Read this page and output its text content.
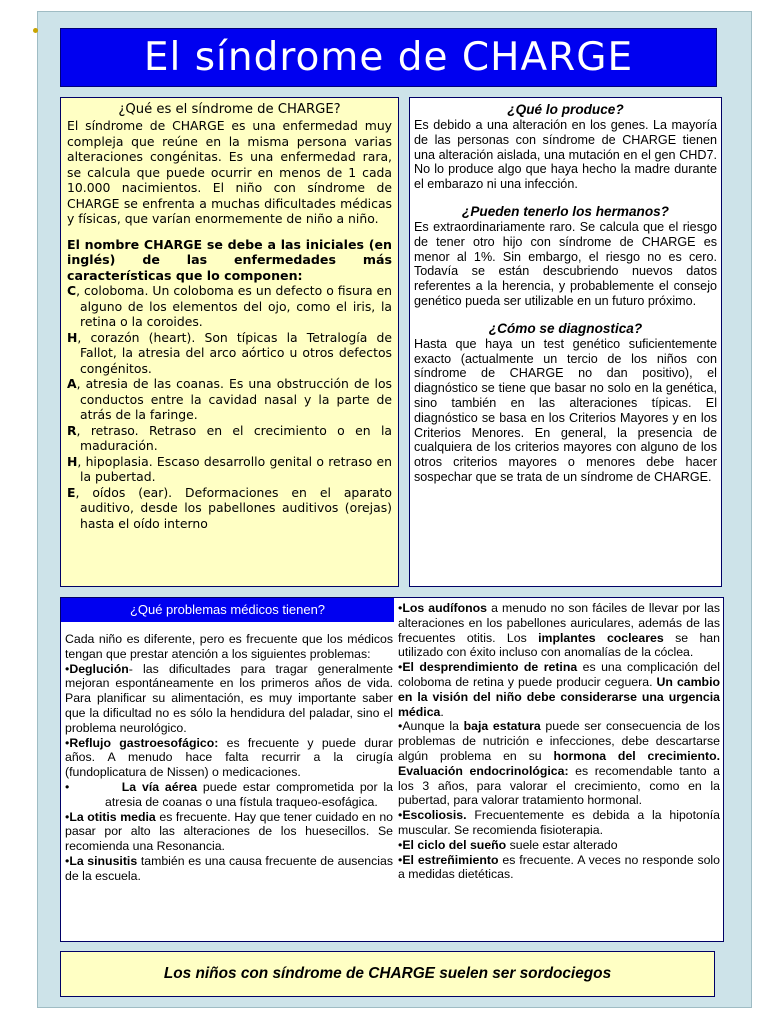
El síndrome de CHARGE

¿Qué es el síndrome de CHARGE?

El síndrome de CHARGE es una enfermedad muy compleja que reúne en la misma persona varias alteraciones congénitas. Es una enfermedad rara, se calcula que puede ocurrir en menos de 1 cada 10.000 nacimientos. El niño con síndrome de CHARGE se enfrenta a muchas dificultades médicas y físicas, que varían enormemente de niño a niño.

El nombre CHARGE se debe a las iniciales (en inglés) de las enfermedades más características que lo componen:

C, coloboma. Un coloboma es un defecto o fisura en alguno de los elementos del ojo, como el iris, la retina o la coroides.

H, corazón (heart). Son típicas la Tetralogía de Fallot, la atresia del arco aórtico u otros defectos congénitos.

A, atresia de las coanas. Es una obstrucción de los conductos entre la cavidad nasal y la parte de atrás de la faringe.

R, retraso. Retraso en el crecimiento o en la maduración.

H, hipoplasia. Escaso desarrollo genital o retraso en la pubertad.

E, oídos (ear). Deformaciones en el aparato auditivo, desde los pabellones auditivos (orejas) hasta el oído interno

¿Qué lo produce?

Es debido a una alteración en los genes. La mayoría de las personas con síndrome de CHARGE tienen una alteración aislada, una mutación en el gen CHD7. No lo produce algo que haya hecho la madre durante el embarazo ni una infección.

¿Pueden tenerlo los hermanos?

Es extraordinariamente raro. Se calcula que el riesgo de tener otro hijo con síndrome de CHARGE es menor al 1%. Sin embargo, el riesgo no es cero. Todavía se están descubriendo nuevos datos referentes a la herencia, y probablemente el consejo genético pueda ser utilizable en un futuro próximo.

¿Cómo se diagnostica?

Hasta que haya un test genético suficientemente exacto (actualmente un tercio de los niños con síndrome de CHARGE no dan positivo), el diagnóstico se tiene que basar no solo en la genética, sino también en las alteraciones típicas. El diagnóstico se basa en los Criterios Mayores y en los Criterios Menores. En general, la presencia de cualquiera de los criterios mayores con alguno de los otros criterios mayores o menores debe hacer sospechar que se trata de un síndrome de CHARGE.

¿Qué problemas médicos tienen?

Cada niño es diferente, pero es frecuente que los médicos tengan que prestar atención a los siguientes problemas:

• Deglución- las dificultades para tragar generalmente mejoran espontáneamente en los primeros años de vida. Para planificar su alimentación, es muy importante saber que la dificultad no es sólo la hendidura del paladar, sino el problema neurológico.

• Reflujo gastroesofágico: es frecuente y puede durar años. A menudo hace falta recurrir a la cirugía (fundoplicatura de Nissen) o medicaciones.

• La vía aérea puede estar comprometida por la atresia de coanas o una fístula traqueo-esofágica.

• La otitis media es frecuente. Hay que tener cuidado en no pasar por alto las alteraciones de los huesecillos. Se recomienda una Resonancia.

• La sinusitis también es una causa frecuente de ausencias de la escuela.

• Los audífonos a menudo no son fáciles de llevar por las alteraciones en los pabellones auriculares, además de las frecuentes otitis. Los implantes cocleares se han utilizado con éxito incluso con anomalías de la cóclea.

• El desprendimiento de retina es una complicación del coloboma de retina y puede producir ceguera. Un cambio en la visión del niño debe considerarse una urgencia médica.

• Aunque la baja estatura puede ser consecuencia de los problemas de nutrición e infecciones, debe descartarse algún problema en su hormona del crecimiento. Evaluación endocrinológica: es recomendable tanto a los 3 años, para valorar el crecimiento, como en la pubertad, para valorar tratamiento hormonal.

• Escoliosis. Frecuentemente es debida a la hipotonía muscular. Se recomienda fisioterapia.

• El ciclo del sueño suele estar alterado

• El estreñimiento es frecuente. A veces no responde solo a medidas dietéticas.

Los niños con síndrome de CHARGE suelen ser sordociegos
